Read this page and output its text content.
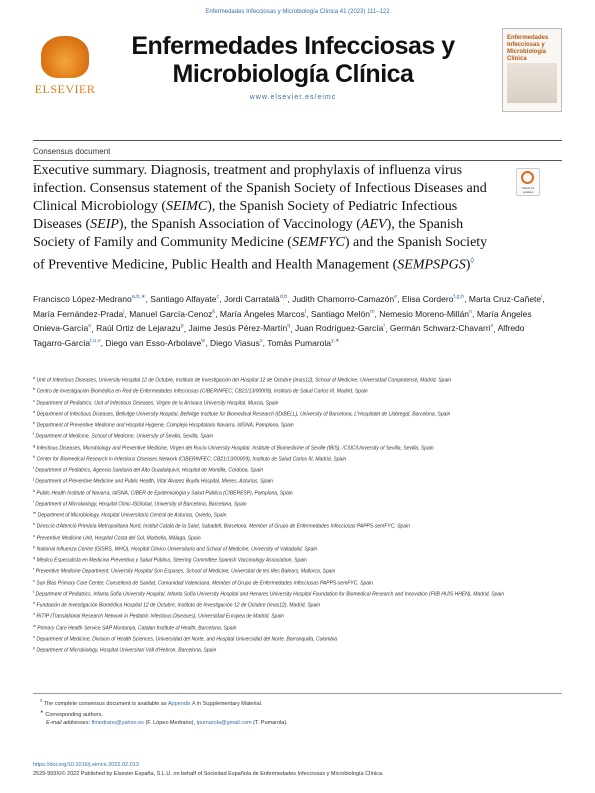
Enfermedades Infecciosas y Microbiología Clínica 41 (2023) 111–122
ELSEVIER
Enfermedades Infecciosas y
Microbiología Clínica
www.elsevier.es/eimc
Enfermedades Infecciosas y Microbiología Clínica
Consensus document
Executive summary. Diagnosis, treatment and prophylaxis of influenza virus infection. Consensus statement of the Spanish Society of Infectious Diseases and Clinical Microbiology (SEIMC), the Spanish Society of Pediatric Infectious Diseases (SEIP), the Spanish Association of Vaccinology (AEV), the Spanish Society of Family and Community Medicine (SEMFYC) and the Spanish Society of Preventive Medicine, Public Health and Health Management (SEMPSPGS)◊
Check for updates
Francisco López-Medrano$^{a,b,∗}$, Santiago Alfayate$^c$, Jordi Carratalà$^{d,b}$, Judith Chamorro-Camazón$^e$, Elisa Cordero$^{f,g,h}$, Marta Cruz-Cañete$^i$, María Fernández-Prada$^j$, Manuel García-Cenoz$^k$, María Ángeles Marcos$^l$, Santiago Melón$^m$, Nemesio Moreno-Millán$^n$, María Ángeles Onieva-García$^o$, Raúl Ortiz de Lejarazu$^p$, Jaime Jesús Pérez-Martín$^q$, Juan Rodríguez-García$^r$, Germán Schwarz-Chavarri$^s$, Alfredo Tagarro-García$^{t,u,v}$, Diego van Esso-Arbolave$^w$, Diego Viasus$^x$, Tomàs Pumarola$^{y,∗}$
$^a$ Unit of Infectious Diseases, University Hospital 12 de Octubre, Instituto de Investigación del Hospital 12 de Octubre (imas12), School of Medicine, Universidad Complutense, Madrid, Spain
$^b$ Centro de Investigación Biomédica en Red de Enfermedades Infecciosas (CIBERINFEC; CB21/13/00009), Instituto de Salud Carlos III, Madrid, Spain
$^c$ Department of Pediatrics, Unit of Infectious Diseases, Virgen de la Arrixaca University Hospital, Murcia, Spain
$^d$ Department of Infectious Diseases, Bellvitge University Hospital, Bellvitge Institute for Biomedical Research (IDIBELL), University of Barcelona, L'Hospitalet de Llobregat, Barcelona, Spain
$^e$ Department of Preventive Medicine and Hospital Hygiene, Complejo Hospitalario Navarra, IdiSNA, Pamplona, Spain
$^f$ Department of Medicine, School of Medicine, University of Sevilla, Sevilla, Spain
$^g$ Infectious Diseases, Microbiology and Preventive Medicine, Virgen del Rocío University Hospital, Institute of Biomedicine of Seville (IBiS), /CSIC/University of Sevilla, Sevilla, Spain
$^h$ Center for Biomedical Research in Infectious Diseases Network (CIBERINFEC; CB21/13/00009), Instituto de Salud Carlos III, Madrid, Spain
$^i$ Department of Pediatrics, Agencia Sanitaria del Alto Guadalquivir, Hospital de Montilla, Córdoba, Spain
$^j$ Department of Preventive Medicine and Public Health, Vital Álvarez Buylla Hospital, Mieres, Asturias, Spain
$^k$ Public Health Institute of Navarra, IdiSNA, CIBER de Epidemiología y Salud Pública (CIBERESP), Pamplona, Spain
$^l$ Department of Microbiology, Hospital Clínic-ISGlobal, University of Barcelona, Barcelona, Spain
$^m$ Department of Microbiology, Hospital Universitario Central de Asturias, Oviedo, Spain
$^n$ Direcció d'Atenció Primària Metropolitana Nord, Institut Català de la Salut, Sabadell, Barcelona. Member of Grupo de Enfermedades Infecciosas PAPPS-semFYC, Spain
$^o$ Preventive Medicine Unit, Hospital Costa del Sol, Marbella, Málaga, Spain
$^p$ National Influenza Centre (GISRS, WHO), Hospital Clínico Universitario and School of Medicine, University of Valladolid, Spain
$^q$ Médico Especialista en Medicina Preventiva y Salud Pública, Steering Committee Spanish Vaccinology Association, Spain
$^r$ Preventive Medicine Department, University Hospital Son Espases, School of Medicine, Universitat de les Illes Balears, Mallorca, Spain
$^s$ San Blas Primary Care Center, Conselleria de Sanitat, Comunidad Valenciana. Member of Grupo de Enfermedades Infecciosas PAPPS-semFYC, Spain
$^t$ Department of Pediatrics, Infanta Sofía University Hospital, Infanta Sofía University Hospital and Henares University Hospital Foundation for Biomedical Research and Innovation (FIIB HUIS HHEN), Madrid, Spain
$^u$ Fundación de Investigación Biomédica Hospital 12 de Octubre, Instituto de Investigación 12 de Octubre (imas12), Madrid, Spain
$^v$ RITIP (Translational Research Network in Pediatric Infectious Diseases), Universidad Europea de Madrid, Spain
$^w$ Primary Care Health Service SAP Muntanya, Catalan Institute of Health, Barcelona, Spain
$^x$ Department of Medicine, Division of Health Sciences, Universidad del Norte, and Hospital Universidad del Norte, Barranquilla, Colombia
$^y$ Department of Microbiology, Hospital Universitari Vall d'Hebron, Barcelona, Spain
◊ The complete consensus document is available as Appendix A in Supplementary Material.
∗ Corresponding authors.
E-mail addresses: flmedrano@yahoo.es (F. López-Medrano), tpumarola@gmail.com (T. Pumarola).
https://doi.org/10.1016/j.eimce.2022.02.013
2529-993X/© 2022 Published by Elsevier España, S.L.U. on behalf of Sociedad Española de Enfermedades Infecciosas y Microbiología Clínica.
